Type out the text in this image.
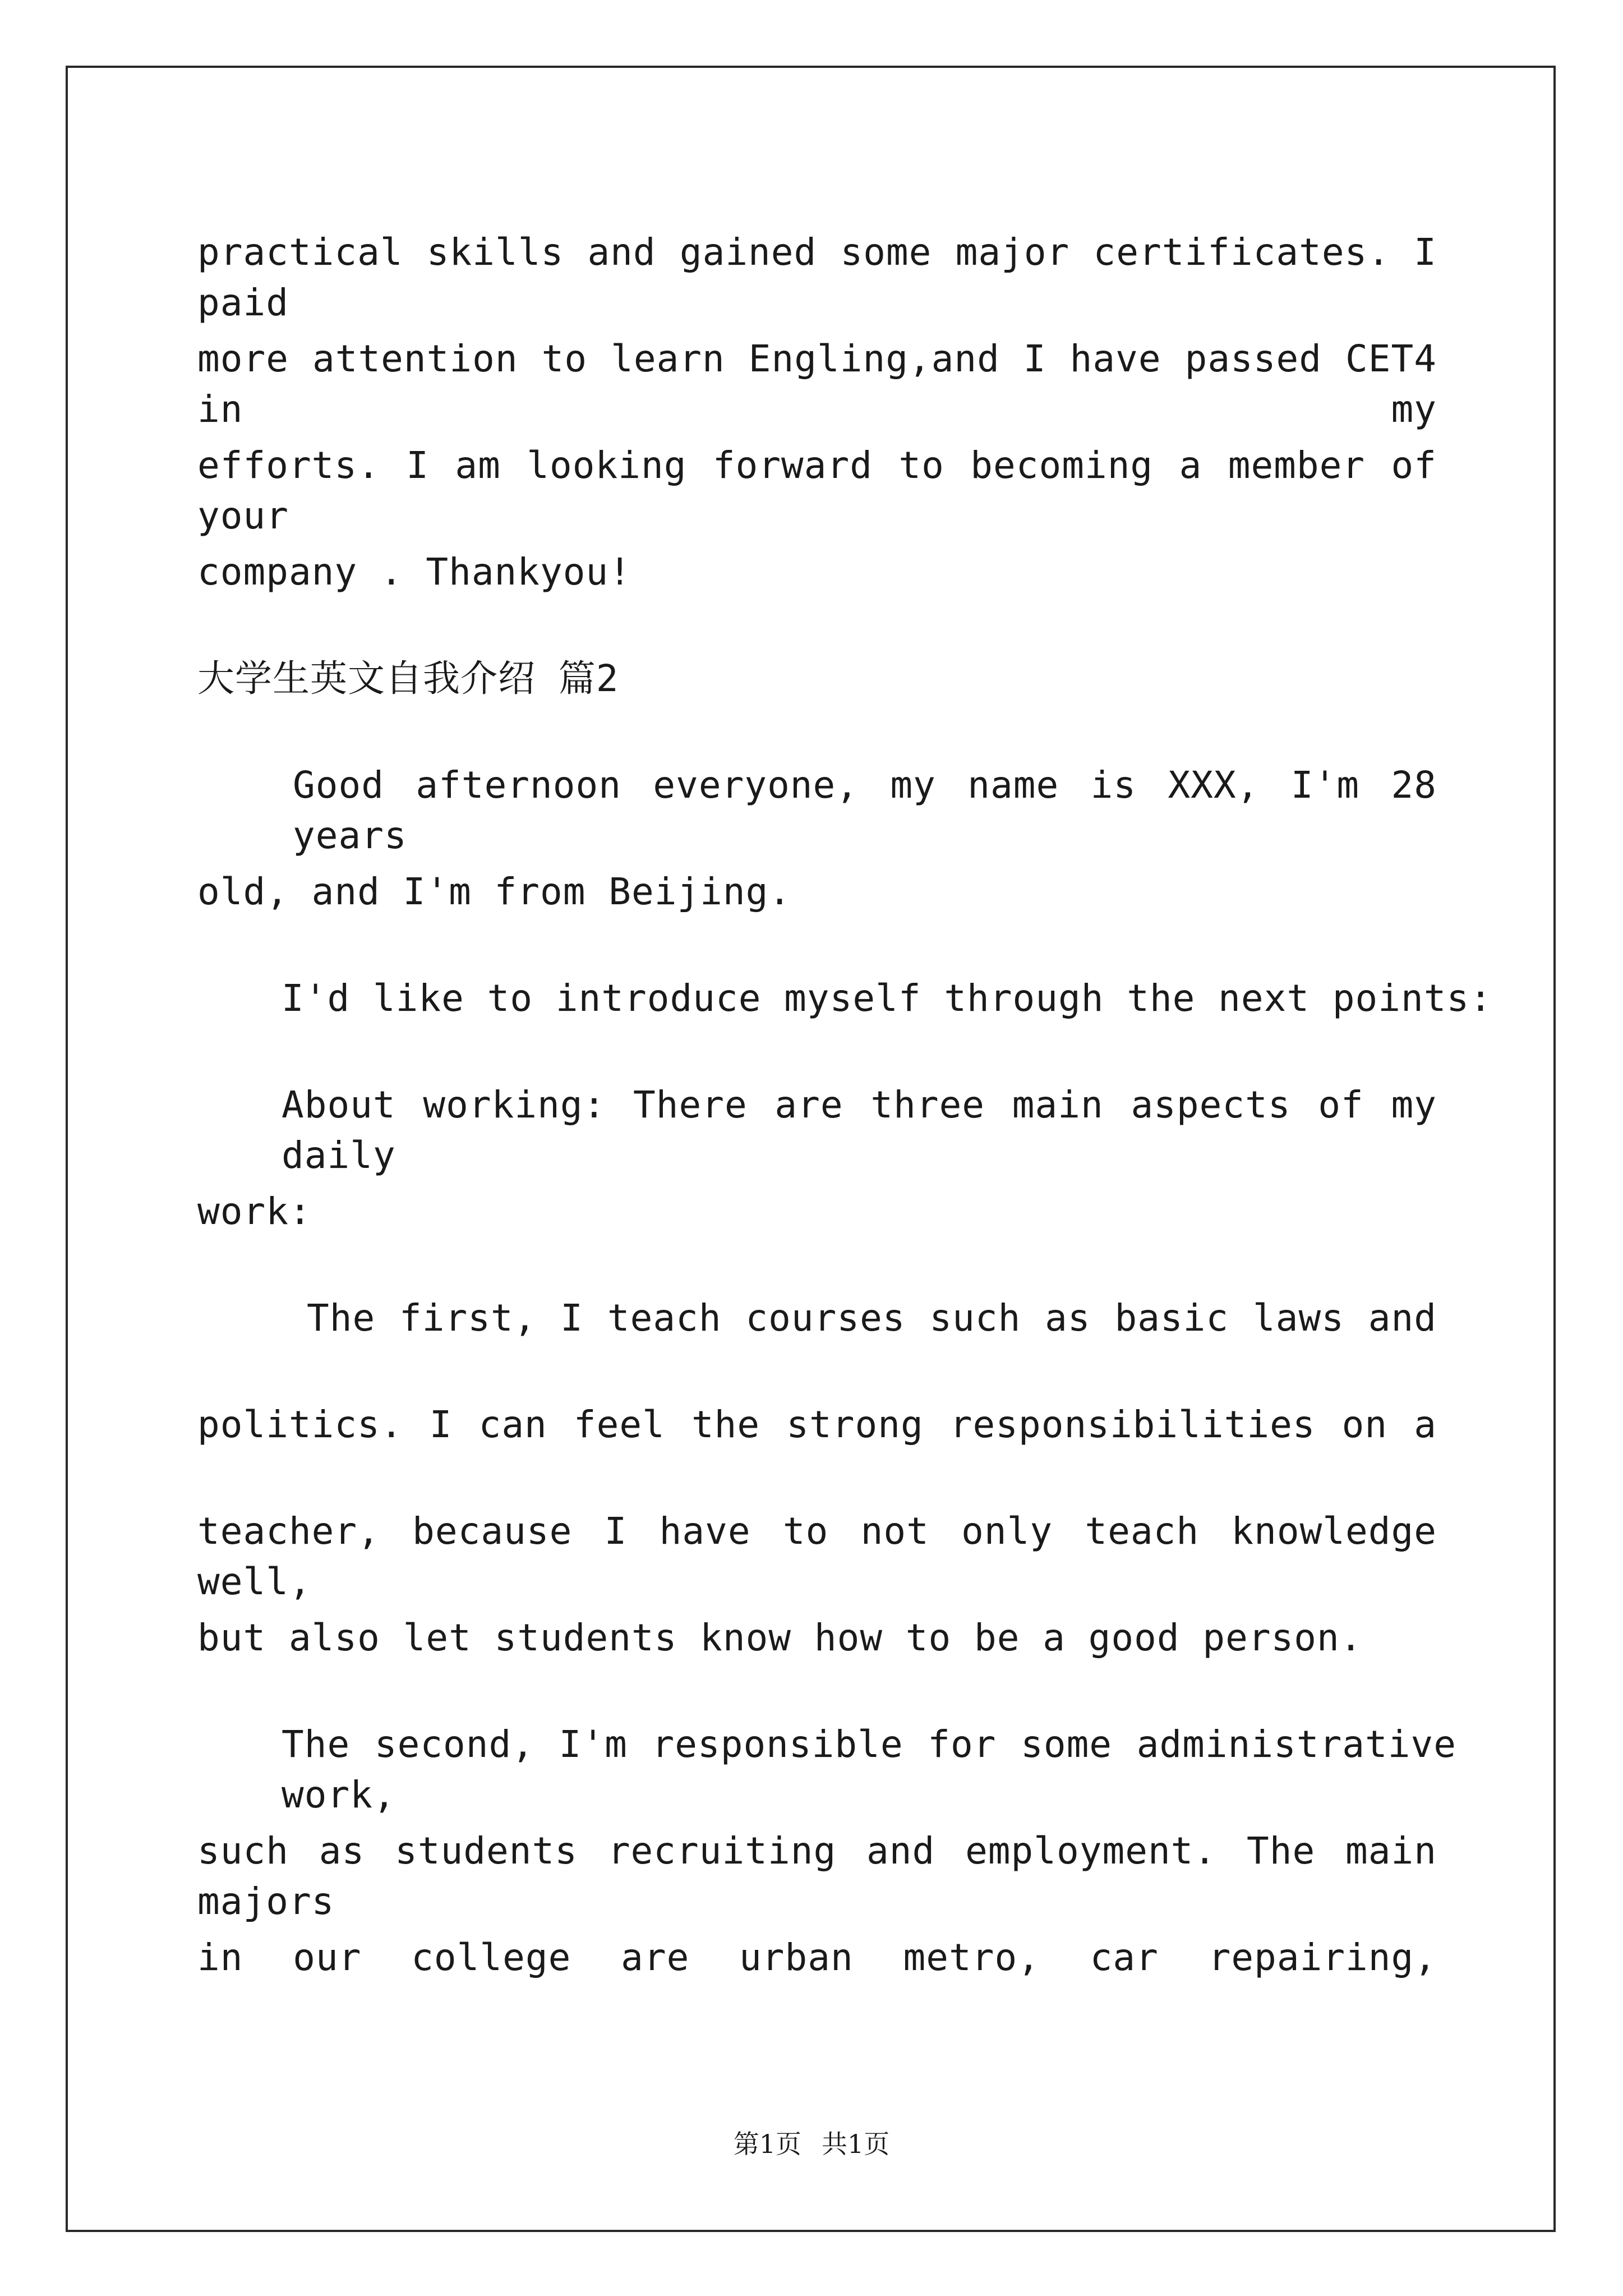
practical skills and gained some major certificates. I paid
more attention to learn Engling,and I have passed CET4 in my
efforts. I am looking forward to becoming a member of your
company . Thankyou!
大学生英文自我介绍 篇2
Good afternoon everyone, my name is XXX, I'm 28 years
old, and I'm from Beijing.
I'd like to introduce myself through the next points:
About working: There are three main aspects of my daily
work:
The first, I teach courses such as basic laws and
politics. I can feel the strong responsibilities on a
teacher, because I have to not only teach knowledge well,
but also let students know how to be a good person.
The second, I'm responsible for some administrative work,
such as students recruiting and employment. The main majors
in our college are urban metro, car repairing,
第1页 共1页
